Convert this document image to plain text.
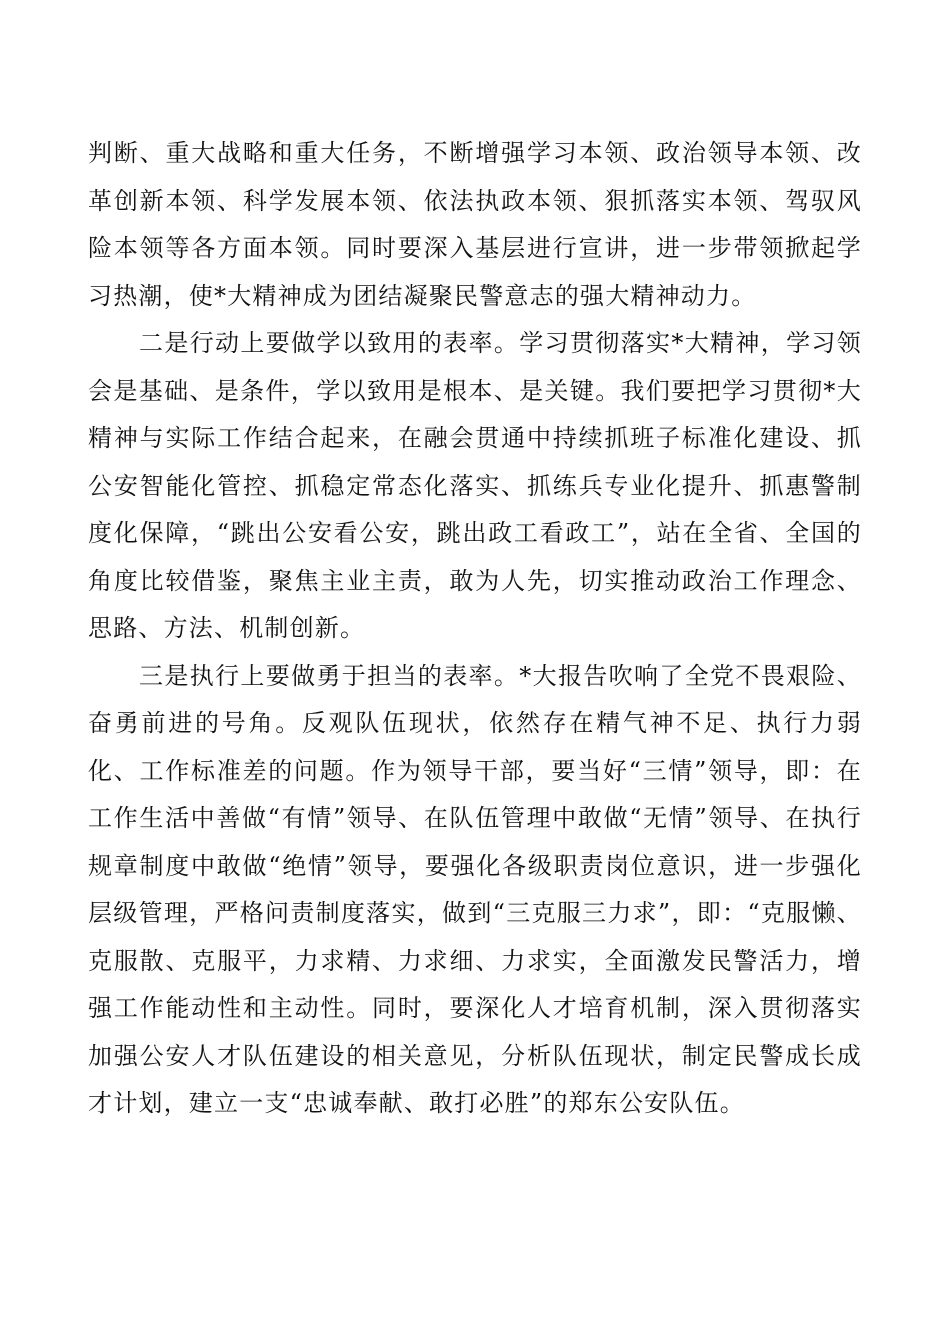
判断、重大战略和重大任务，不断增强学习本领、政治领导本领、改革创新本领、科学发展本领、依法执政本领、狠抓落实本领、驾驭风险本领等各方面本领。同时要深入基层进行宣讲，进一步带领掀起学习热潮，使*大精神成为团结凝聚民警意志的强大精神动力。

二是行动上要做学以致用的表率。学习贯彻落实*大精神，学习领会是基础、是条件，学以致用是根本、是关键。我们要把学习贯彻*大精神与实际工作结合起来，在融会贯通中持续抓班子标准化建设、抓公安智能化管控、抓稳定常态化落实、抓练兵专业化提升、抓惠警制度化保障，“跳出公安看公安，跳出政工看政工”，站在全省、全国的角度比较借鉴，聚焦主业主责，敢为人先，切实推动政治工作理念、思路、方法、机制创新。

三是执行上要做勇于担当的表率。*大报告吹响了全党不畏艰险、奋勇前进的号角。反观队伍现状，依然存在精气神不足、执行力弱化、工作标准差的问题。作为领导干部，要当好“三情”领导，即：在工作生活中善做“有情”领导、在队伍管理中敢做“无情”领导、在执行规章制度中敢做“绝情”领导，要强化各级职责岗位意识，进一步强化层级管理，严格问责制度落实，做到“三克服三力求”，即：“克服懒、克服散、克服平，力求精、力求细、力求实，全面激发民警活力，增强工作能动性和主动性。同时，要深化人才培育机制，深入贯彻落实加强公安人才队伍建设的相关意见，分析队伍现状，制定民警成长成才计划，建立一支“忠诚奉献、敢打必胜”的郑东公安队伍。
